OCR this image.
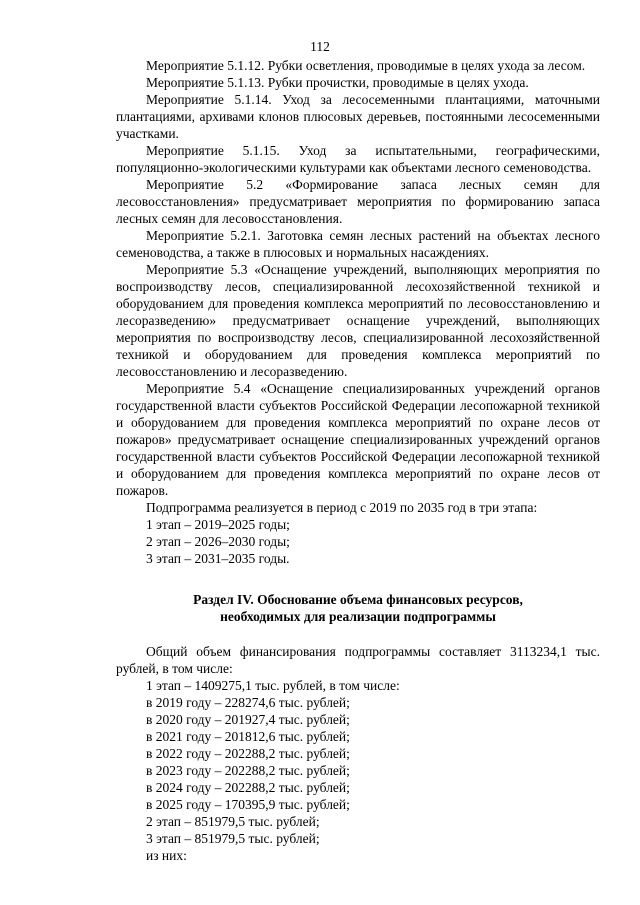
112

Мероприятие 5.1.12. Рубки осветления, проводимые в целях ухода за лесом.

Мероприятие 5.1.13. Рубки прочистки, проводимые в целях ухода.

Мероприятие 5.1.14. Уход за лесосеменными плантациями, маточными плантациями, архивами клонов плюсовых деревьев, постоянными лесосеменными участками.

Мероприятие 5.1.15. Уход за испытательными, географическими, популяционно-экологическими культурами как объектами лесного семеноводства.

Мероприятие 5.2 «Формирование запаса лесных семян для лесовосстановления» предусматривает мероприятия по формированию запаса лесных семян для лесовосстановления.

Мероприятие 5.2.1. Заготовка семян лесных растений на объектах лесного семеноводства, а также в плюсовых и нормальных насаждениях.

Мероприятие 5.3 «Оснащение учреждений, выполняющих мероприятия по воспроизводству лесов, специализированной лесохозяйственной техникой и оборудованием для проведения комплекса мероприятий по лесовосстановлению и лесоразведению» предусматривает оснащение учреждений, выполняющих мероприятия по воспроизводству лесов, специализированной лесохозяйственной техникой и оборудованием для проведения комплекса мероприятий по лесовосстановлению и лесоразведению.

Мероприятие 5.4 «Оснащение специализированных учреждений органов государственной власти субъектов Российской Федерации лесопожарной техникой и оборудованием для проведения комплекса мероприятий по охране лесов от пожаров» предусматривает оснащение специализированных учреждений органов государственной власти субъектов Российской Федерации лесопожарной техникой и оборудованием для проведения комплекса мероприятий по охране лесов от пожаров.

Подпрограмма реализуется в период с 2019 по 2035 год в три этапа:

1 этап – 2019–2025 годы;

2 этап – 2026–2030 годы;

3 этап – 2031–2035 годы.

Раздел IV. Обоснование объема финансовых ресурсов,
необходимых для реализации подпрограммы

Общий объем финансирования подпрограммы составляет 3113234,1 тыс. рублей, в том числе:

1 этап – 1409275,1 тыс. рублей, в том числе:

в 2019 году – 228274,6 тыс. рублей;

в 2020 году – 201927,4 тыс. рублей;

в 2021 году – 201812,6 тыс. рублей;

в 2022 году – 202288,2 тыс. рублей;

в 2023 году – 202288,2 тыс. рублей;

в 2024 году – 202288,2 тыс. рублей;

в 2025 году – 170395,9 тыс. рублей;

2 этап – 851979,5 тыс. рублей;

3 этап – 851979,5 тыс. рублей;

из них:
